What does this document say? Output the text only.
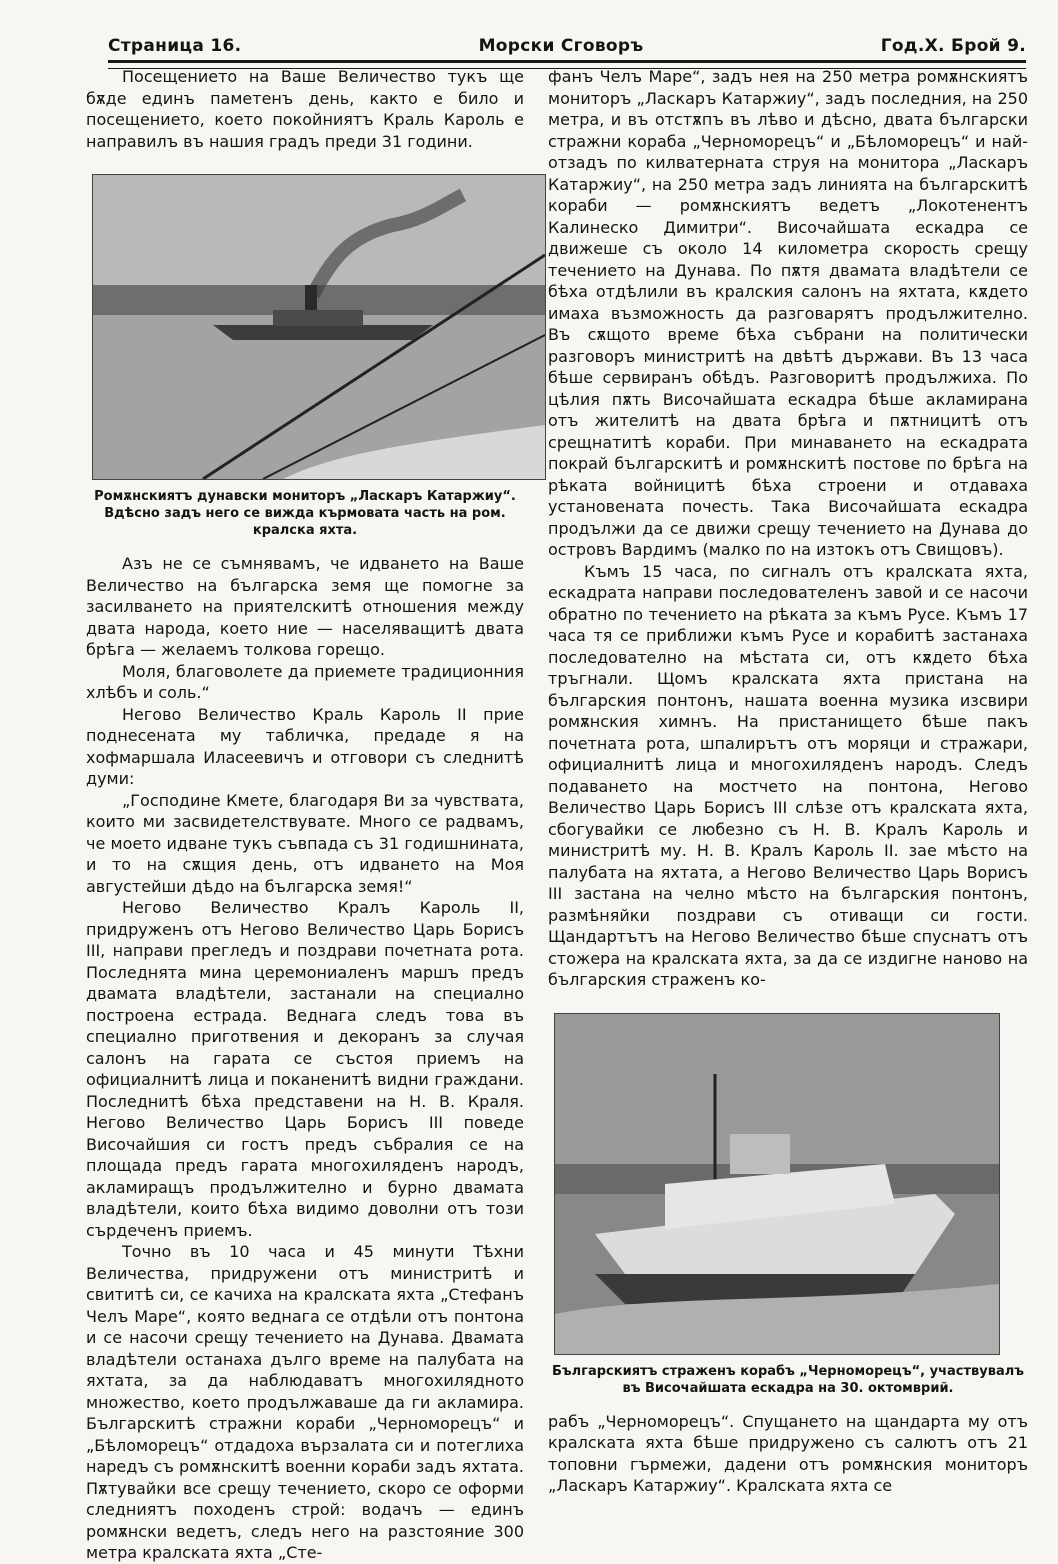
Страница 16.	Морски Сговоръ	Год.X. Брой 9.

Посещението на Ваше Величество тукъ ще бѫде единъ паметенъ день, както е било и посещението, което покойниятъ Краль Кароль е направилъ въ нашия градъ преди 31 години.

Ромѫнскиятъ дунавски мониторъ „Ласкаръ Катаржиу“. Вдѣсно задъ него се вижда кърмовата часть на ром. кралска яхта.

Азъ не се съмнявамъ, че идването на Ваше Величество на българска земя ще помогне за засилването на приятелскитѣ отношения между двата народа, което ние — населяващитѣ двата брѣга — желаемъ толкова горещо.

Моля, благоволете да приемете традиционния хлѣбъ и соль.“

Негово Величество Краль Кароль II прие поднесената му табличка, предаде я на хофмаршала Иласеевичъ и отговори съ следнитѣ думи:

„Господине Кмете, благодаря Ви за чувствата, които ми засвидетелствувате. Много се радвамъ, че моето идване тукъ съвпада съ 31 годишнината, и то на сѫщия день, отъ идването на Моя августейши дѣдо на българска земя!“

Негово Величество Кралъ Кароль II, придруженъ отъ Негово Величество Царь Борисъ III, направи прегледъ и поздрави почетната рота. Последнята мина церемониаленъ маршъ предъ двамата владѣтели, застанали на специално построена естрада. Веднага следъ това въ специално приготвения и декоранъ за случая салонъ на гарата се състоя приемъ на официалнитѣ лица и поканенитѣ видни граждани. Последнитѣ бѣха представени на Н. В. Краля. Негово Величество Царь Борисъ III поведе Височайшия си гостъ предъ събралия се на площада предъ гарата многохилядeнъ народъ, акламиращъ продължително и бурно двамата владѣтели, които бѣха видимо доволни отъ този сърдеченъ приемъ.

Точно въ 10 часа и 45 минути Тѣхни Величества, придружени отъ министритѣ и свититѣ си, се качиха на кралската яхта „Стефанъ Челъ Маре“, която веднага се отдѣли отъ понтона и се насочи срещу течението на Дунава. Двамата владѣтели останаха дълго време на палубата на яхтата, за да наблюдаватъ многохилядното множество, което продължаваше да ги акламира. Българскитѣ стражни кораби „Черноморецъ“ и „Бѣломорецъ“ отдадоха вързалата си и потеглиха нарeдъ съ ромѫнскитѣ военни кораби задъ яхтата. Пѫтувайки все срещу течението, скоро се оформи следниятъ походенъ строй: водачъ — единъ ромѫнски ведетъ, следъ него на разстояние 300 метра кралската яхта „Сте-

фанъ Челъ Маре“, задъ нея на 250 метра ромѫнскиятъ мониторъ „Ласкаръ Катаржиу“, задъ последния, на 250 метра, и въ отстѫпъ въ лѣво и дѣсно, двата български стражни кораба „Черноморецъ“ и „Бѣломорецъ“ и най-отзадъ по килватерната струя на монитора „Ласкаръ Катаржиу“, на 250 метра задъ линията на българскитѣ кораби — ромѫнскиятъ ведетъ „Локотенентъ Калинеско Димитри“. Височайшата ескадра се движеше съ около 14 километра скорость срещу течението на Дунава. По пѫтя двамата владѣтели се бѣха отдѣлили въ кралския салонъ на яхтата, кѫдето имаха възможность да разговарятъ продължително. Въ сѫщото време бѣха събрани на политически разговоръ министритѣ на двѣтѣ държави. Въ 13 часа бѣше сервиранъ обѣдъ. Разговоритѣ продължиха. По цѣлия пѫть Височайшата ескадра бѣше акламирана отъ жителитѣ на двата брѣга и пѫтницитѣ отъ срещнатитѣ кораби. При минаването на ескадрата покрай българскитѣ и ромѫнскитѣ постове по брѣга на рѣката войницитѣ бѣха строени и отдаваха установената почесть. Така Височайшата ескадра продължи да се движи срещу течението на Дунава до островъ Вардимъ (малко по на изтокъ отъ Свищовъ).

Къмъ 15 часа, по сигналъ отъ кралската яхта, ескадрата направи последователенъ завой и се насочи обратно по течението на рѣката за къмъ Русе. Къмъ 17 часа тя се приближи къмъ Русе и корабитѣ застанаха последователно на мѣстата си, отъ кѫдето бѣха тръгнали. Щомъ кралската яхта пристана на българския понтонъ, нашата военна музика изсвири ромѫнския химнъ. На пристанището бѣше пакъ почетната рота, шпалирътъ отъ моряци и стражари, официалнитѣ лица и многохилядeнъ народъ. Следъ подаването на мостчето на понтона, Негово Величество Царь Борисъ III слѣзе отъ кралската яхта, сбогувайки се любезно съ Н. В. Кралъ Кароль и министритѣ му. Н. В. Кралъ Кароль II. зае мѣсто на палубата на яхтата, а Негово Величество Царь Ворисъ III застана на челно мѣсто на българския понтонъ, размѣняйки поздрави съ отиващи си гости. Щандартътъ на Негово Величество бѣше спуснатъ отъ стожера на кралската яхта, за да се издигне наново на българския страженъ ко-

Българскиятъ страженъ корабъ „Черноморецъ“, участвувалъ въ Височайшата ескадра на 30. октомврий.

рабъ „Черноморецъ“. Спущането на щандарта му отъ кралската яхта бѣше придружено съ салютъ отъ 21 топовни гърмежи, дадени отъ ромѫнския мониторъ „Ласкаръ Катаржиу“. Кралската яхта се
